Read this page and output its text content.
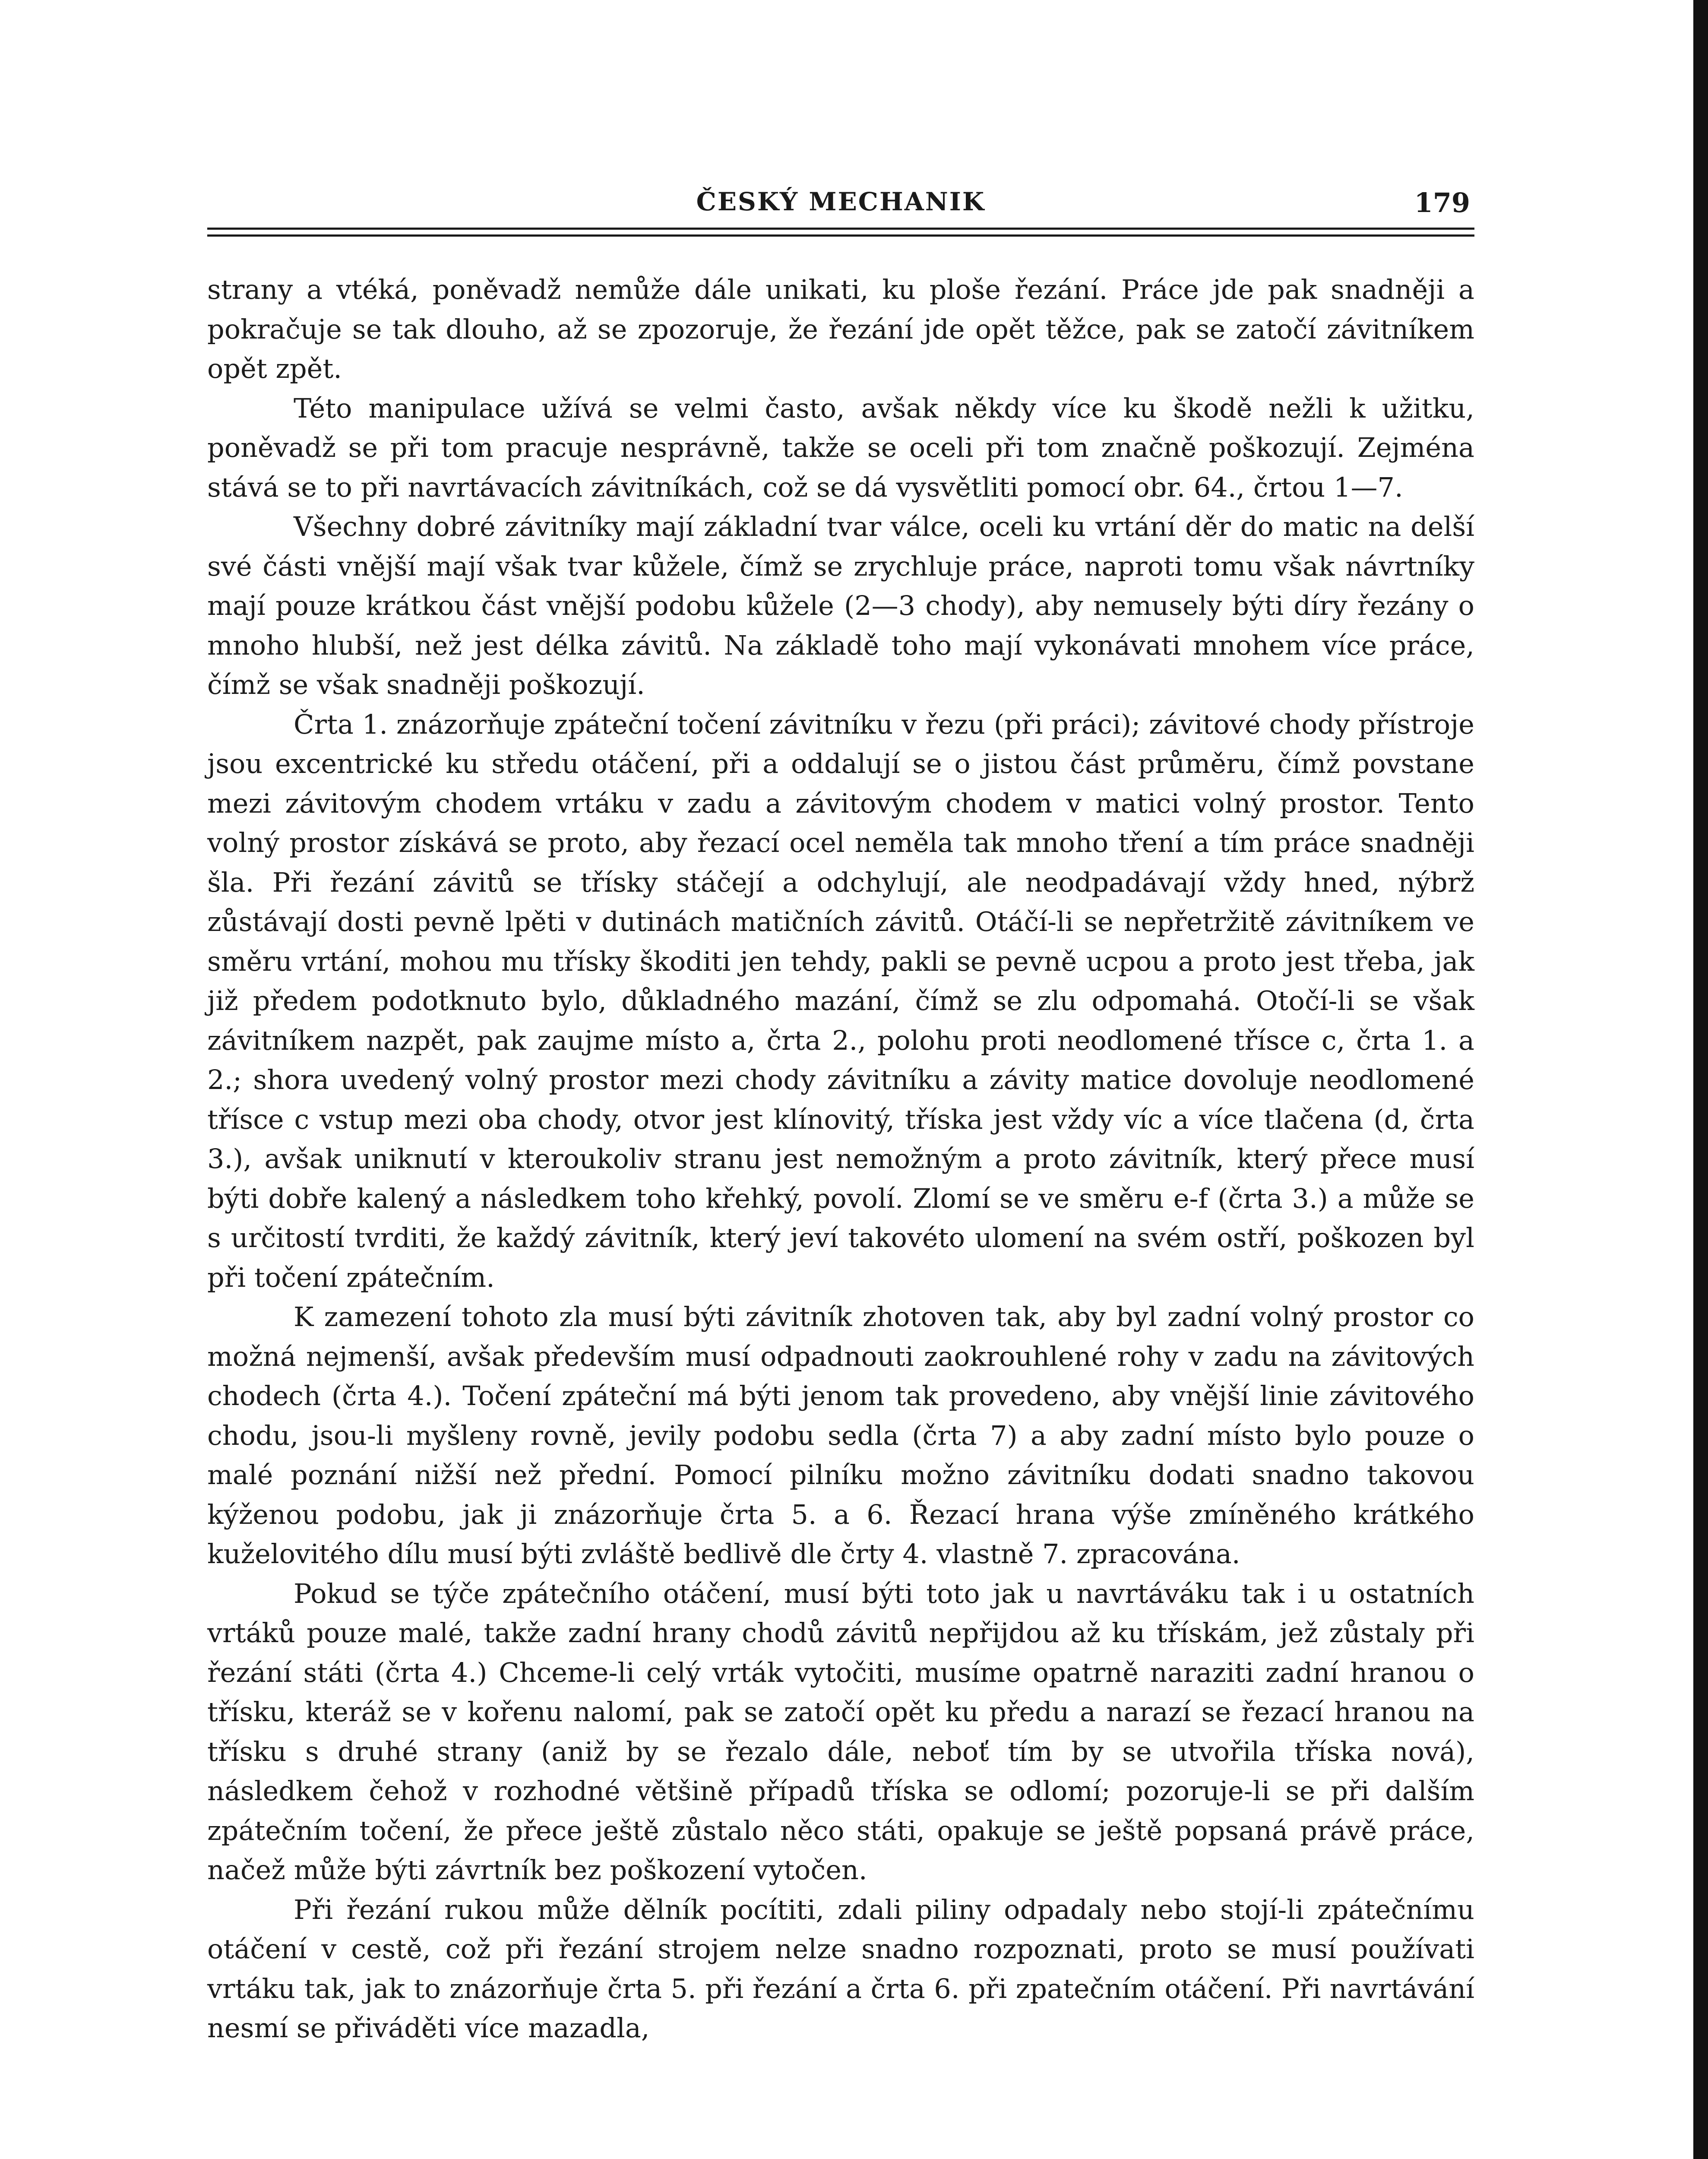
ČESKÝ MECHANIK	179

strany a vtéká, poněvadž nemůže dále unikati, ku ploše řezání. Práce jde pak snadněji a pokračuje se tak dlouho, až se zpozoruje, že řezání jde opět těžce, pak se zatočí závitníkem opět zpět.

Této manipulace užívá se velmi často, avšak někdy více ku škodě nežli k užitku, poněvadž se při tom pracuje nesprávně, takže se oceli při tom značně poškozují. Zejména stává se to při navrtávacích závitníkách, což se dá vysvětliti pomocí obr. 64., črtou 1—7.

Všechny dobré závitníky mají základní tvar válce, oceli ku vrtání děr do matic na delší své části vnější mají však tvar kůžele, čímž se zrychluje práce, naproti tomu však návrtníky mají pouze krátkou část vnější podobu kůžele (2—3 chody), aby nemusely býti díry řezány o mnoho hlubší, než jest délka závitů. Na základě toho mají vykonávati mnohem více práce, čímž se však snadněji poškozují.

Črta 1. znázorňuje zpáteční točení závitníku v řezu (při práci); závitové chody přístroje jsou excentrické ku středu otáčení, při a oddalují se o jistou část průměru, čímž povstane mezi závitovým chodem vrtáku v zadu a závitovým chodem v matici volný prostor. Tento volný prostor získává se proto, aby řezací ocel neměla tak mnoho tření a tím práce snadněji šla. Při řezání závitů se třísky stáčejí a odchylují, ale neodpadávají vždy hned, nýbrž zůstávají dosti pevně lpěti v dutinách matičních závitů. Otáčí-li se nepřetržitě závitníkem ve směru vrtání, mohou mu třísky škoditi jen tehdy, pakli se pevně ucpou a proto jest třeba, jak již předem podotknuto bylo, důkladného mazání, čímž se zlu odpomahá. Otočí-li se však závitníkem nazpět, pak zaujme místo a, črta 2., polohu proti neodlomené třísce c, črta 1. a 2.; shora uvedený volný prostor mezi chody závitníku a závity matice dovoluje neodlomené třísce c vstup mezi oba chody, otvor jest klínovitý, tříska jest vždy víc a více tlačena (d, črta 3.), avšak uniknutí v kteroukoliv stranu jest nemožným a proto závitník, který přece musí býti dobře kalený a následkem toho křehký, povolí. Zlomí se ve směru e-f (črta 3.) a může se s určitostí tvrditi, že každý závitník, který jeví takovéto ulomení na svém ostří, poškozen byl při točení zpátečním.

K zamezení tohoto zla musí býti závitník zhotoven tak, aby byl zadní volný prostor co možná nejmenší, avšak především musí odpadnouti zaokrouhlené rohy v zadu na závitových chodech (črta 4.). Točení zpáteční má býti jenom tak provedeno, aby vnější linie závitového chodu, jsou-li myšleny rovně, jevily podobu sedla (črta 7) a aby zadní místo bylo pouze o malé poznání nižší než přední. Pomocí pilníku možno závitníku dodati snadno takovou kýženou podobu, jak ji znázorňuje črta 5. a 6. Řezací hrana výše zmíněného krátkého kuželovitého dílu musí býti zvláště bedlivě dle črty 4. vlastně 7. zpracována.

Pokud se týče zpátečního otáčení, musí býti toto jak u navrtáváku tak i u ostatních vrtáků pouze malé, takže zadní hrany chodů závitů nepřijdou až ku třískám, jež zůstaly při řezání státi (črta 4.) Chceme-li celý vrták vytočiti, musíme opatrně naraziti zadní hranou o třísku, kteráž se v kořenu nalomí, pak se zatočí opět ku předu a narazí se řezací hranou na třísku s druhé strany (aniž by se řezalo dále, neboť tím by se utvořila tříska nová), následkem čehož v rozhodné většině případů tříska se odlomí; pozoruje-li se při dalším zpátečním točení, že přece ještě zůstalo něco státi, opakuje se ještě popsaná právě práce, načež může býti závrtník bez poškození vytočen.

Při řezání rukou může dělník pocítiti, zdali piliny odpadaly nebo stojí-li zpátečnímu otáčení v cestě, což při řezání strojem nelze snadno rozpoznati, proto se musí používati vrtáku tak, jak to znázorňuje črta 5. při řezání a črta 6. při zpatečním otáčení. Při navrtávání nesmí se přiváděti více mazadla,
